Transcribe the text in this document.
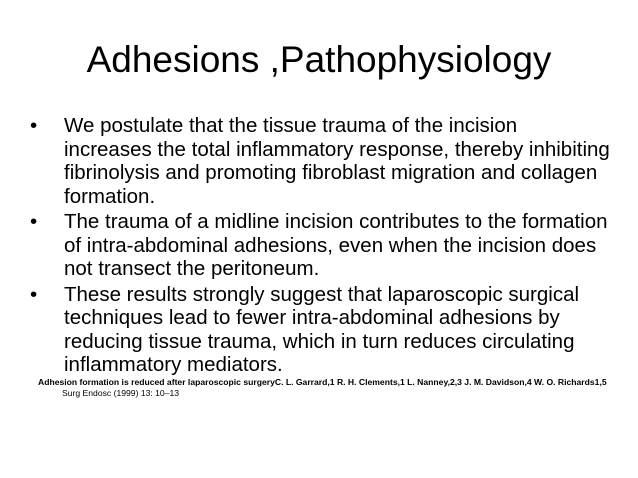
Adhesions ,Pathophysiology
• We postulate that the tissue trauma of the incision increases the total inflammatory response, thereby inhibiting fibrinolysis and promoting fibroblast migration and collagen formation.
• The trauma of a midline incision contributes to the formation of intra-abdominal adhesions, even when the incision does not transect the peritoneum.
• These results strongly suggest that laparoscopic surgical techniques lead to fewer intra-abdominal adhesions by reducing tissue trauma, which in turn reduces circulating inflammatory mediators.
Adhesion formation is reduced after laparoscopic surgeryC. L. Garrard,1 R. H. Clements,1 L. Nanney,2,3 J. M. Davidson,4 W. O. Richards1,5 Surg Endosc (1999) 13: 10–13
